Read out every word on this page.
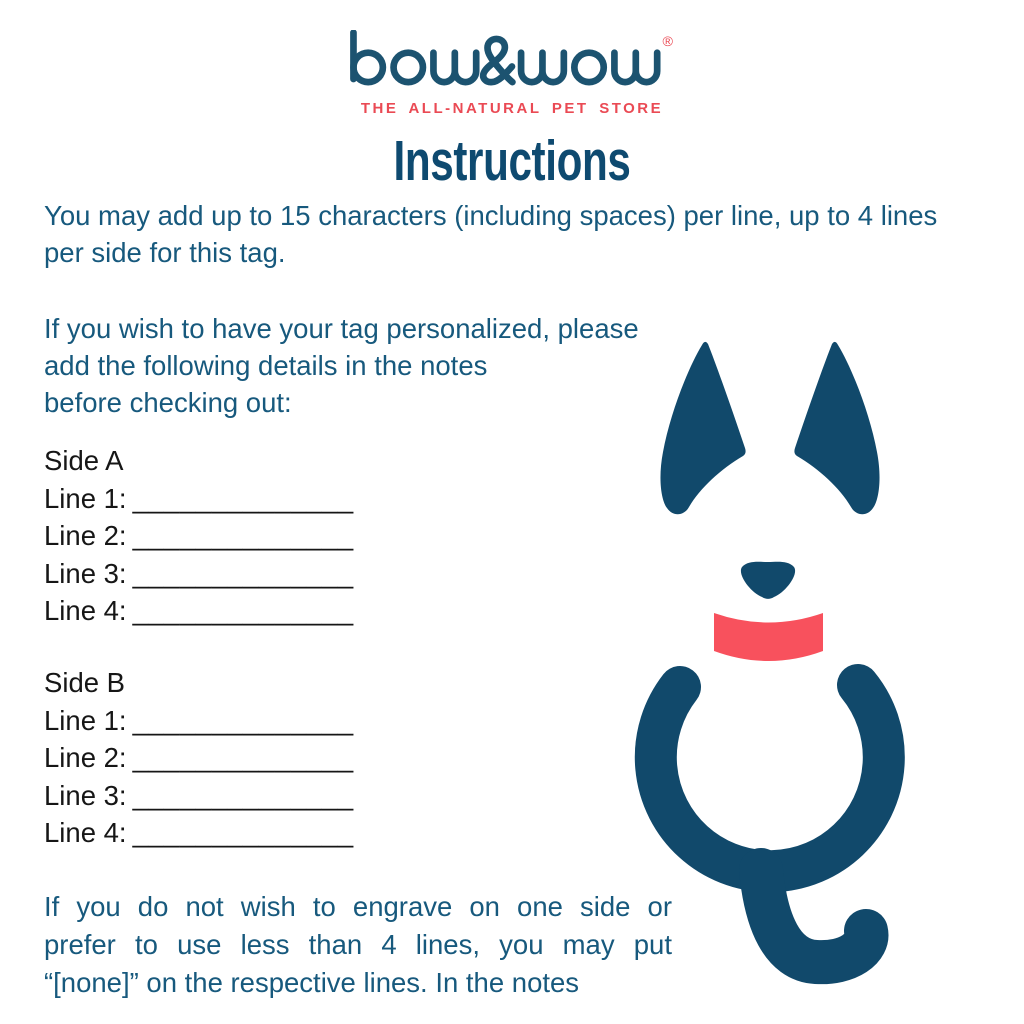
®
THE ALL-NATURAL PET STORE
Instructions
You may add up to 15 characters (including spaces) per line, up to 4 lines
per side for this tag.
If you wish to have your tag personalized, please
add the following details in the notes
before checking out:
Side A
Line 1: ______________
Line 2: ______________
Line 3: ______________
Line 4: ______________
Side B
Line 1: ______________
Line 2: ______________
Line 3: ______________
Line 4: ______________
If you do not wish to engrave on one side or
prefer to use less than 4 lines, you may put
“[none]” on the respective lines. In the notes
